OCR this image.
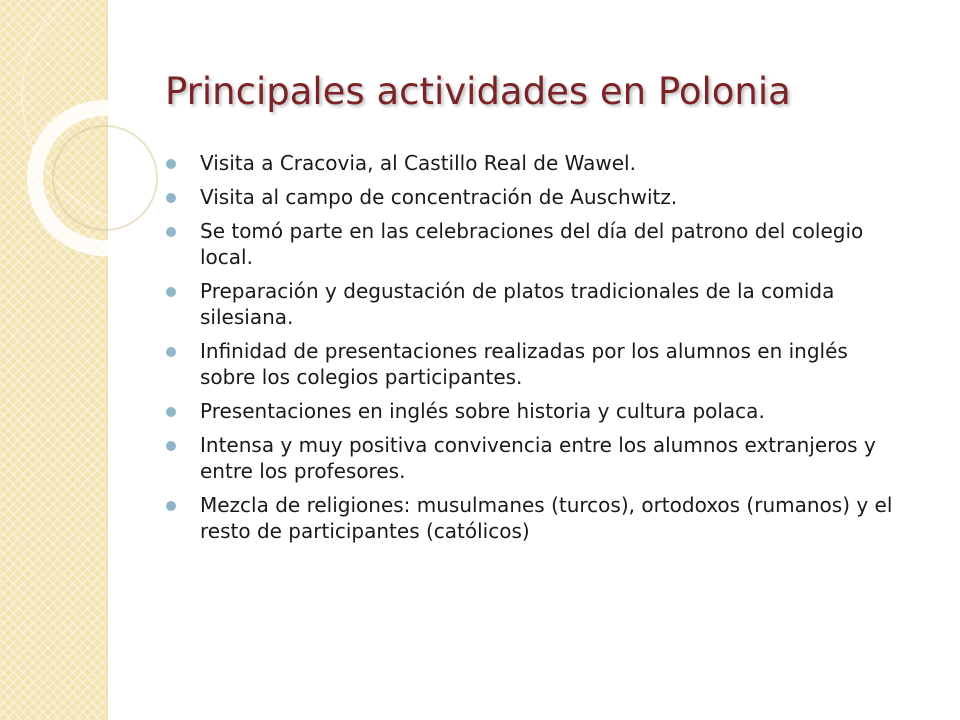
Principales actividades en Polonia
Visita a Cracovia, al Castillo Real de Wawel.
Visita al campo de concentración de Auschwitz.
Se tomó parte en las celebraciones del día del patrono del colegio local.
Preparación y degustación de platos tradicionales de la comida silesiana.
Infinidad de presentaciones realizadas por los alumnos en inglés sobre los colegios participantes.
Presentaciones en inglés sobre historia y cultura polaca.
Intensa y muy positiva convivencia entre los alumnos extranjeros y entre los profesores.
Mezcla de religiones: musulmanes (turcos), ortodoxos (rumanos) y el resto de participantes (católicos)
